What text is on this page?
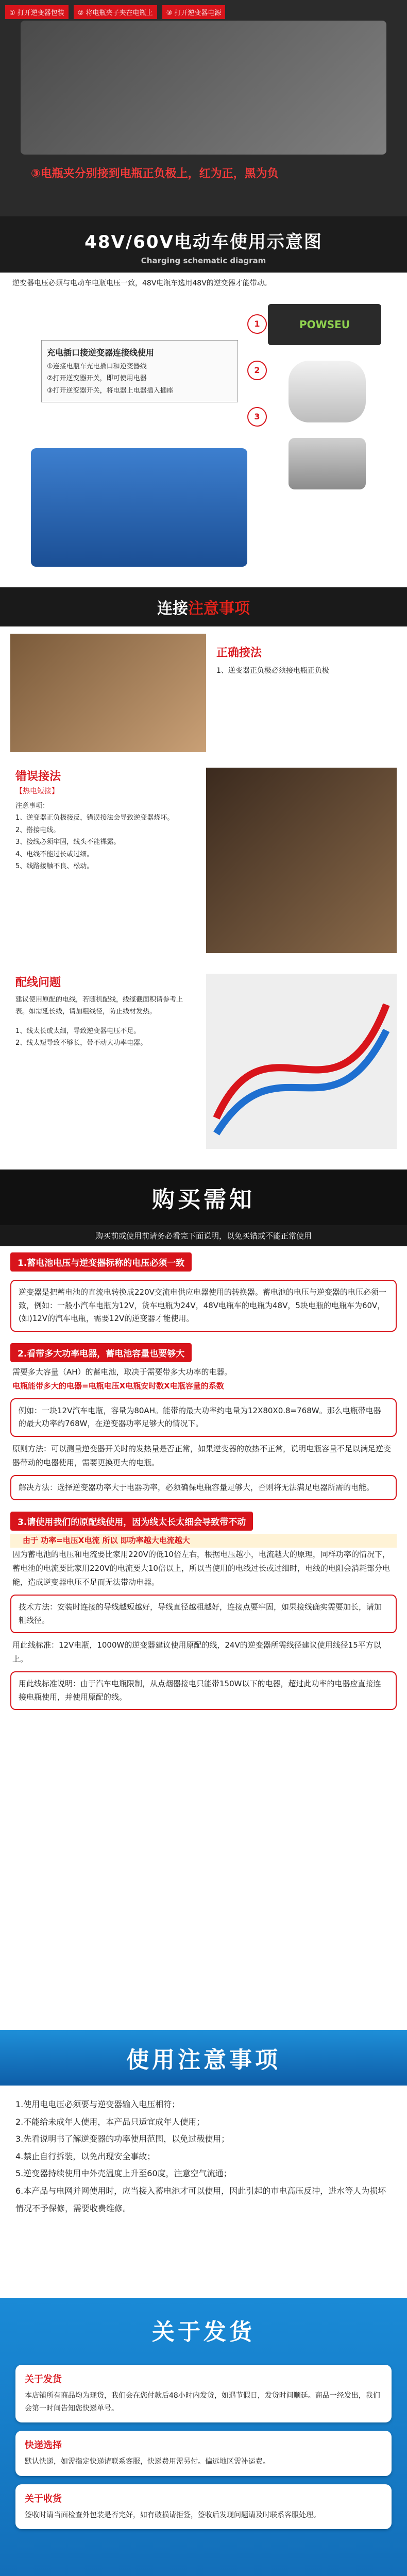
① 打开逆变器包装	② 将电瓶夹子夹在电瓶上	③ 打开逆变器电源
③电瓶夹分别接到电瓶正负极上，红为正，黑为负
48V/60V电动车使用示意图
Charging schematic diagram
逆变器电压必须与电动车电瓶电压一致，48V电瓶车选用48V的逆变器才能带动。
POWSEU
1
2
3
充电插口接逆变器连接线使用
①连接电瓶车充电插口和逆变器线
②打开逆变器开关，即可使用电器
③打开逆变器开关，将电器上电器插入插座
连接注意事项
正确接法
1、逆变器正负极必须接电瓶正负极
错误接法
【热电短接】
注意事项：
1、逆变器正负极接反，错误接法会导致逆变器烧坏。
2、搭接电线。
3、接线必须牢固，线头不能裸露。
4、电线不能过长或过细。
5、线路接触不良、松动。
配线问题
建议使用原配的电线，若随机配线，线缆截面积请参考上表。如需延长线，请加粗线径，防止线材发热。
1、线太长或太细，导致逆变器电压不足。
2、线太短导致不够长，带不动大功率电器。
购买需知
购买前或使用前请务必看完下面说明，以免买错或不能正常使用
1.蓄电池电压与逆变器标称的电压必须一致
逆变器是把蓄电池的直流电转换成220V交流电供应电器使用的转换器。蓄电池的电压与逆变器的电压必须一致，例如：一般小汽车电瓶为12V，货车电瓶为24V，48V电瓶车的电瓶为48V，5块电瓶的电瓶车为60V，(如)12V的汽车电瓶，需要12V的逆变器才能使用。
2.看带多大功率电器，蓄电池容量也要够大
需要多大容量（AH）的蓄电池，取决于需要带多大功率的电器。
电瓶能带多大的电器=电瓶电压X电瓶安时数X电瓶容量的系数
例如：一块12V汽车电瓶，容量为80AH。能带的最大功率约电量为12X80X0.8=768W。那么电瓶带电器的最大功率约768W，在逆变器功率足够大的情况下。
原则方法：可以测量逆变器开关时的发热量是否正常，如果逆变器的放热不正常，说明电瓶容量不足以满足逆变器带动的电器使用，需要更换更大的电瓶。
解决方法：选择逆变器功率大于电器功率，必须确保电瓶容量足够大，否则将无法满足电器所需的电能。
3.请使用我们的原配线使用，因为线太长太细会导致带不动
由于 功率=电压X电流 所以 即功率越大电流越大
因为蓄电池的电压和电流要比家用220V的低10倍左右，根据电压越小，电流越大的原理，同样功率的情况下，蓄电池的电流要比家用220V的电流要大10倍以上，所以当使用的电线过长或过细时，电线的电阻会消耗部分电能，造成逆变器电压不足而无法带动电器。
技术方法：安装时连接的导线越短越好，导线直径越粗越好，连接点要牢固，如果接线确实需要加长，请加粗线径。
用此线标准：12V电瓶，1000W的逆变器建议使用原配的线，24V的逆变器所需线径建议使用线径15平方以上。
用此线标准说明：由于汽车电瓶限制，从点烟器接电只能带150W以下的电器，超过此功率的电器应直接连接电瓶使用，并使用原配的线。
使用注意事项
1.使用电电压必须要与逆变器输入电压相符；
2.不能给未成年人使用，本产品只适宜成年人使用；
3.先看说明书了解逆变器的功率使用范围，以免过载使用；
4.禁止自行拆装，以免出现安全事故；
5.逆变器持续使用中外壳温度上升至60度，注意空气流通；
6.本产品与电网并网使用时，应当接入蓄电池才可以使用，因此引起的市电高压反冲，进水等人为损坏情况不予保修，需要收费维修。
关于发货
关于发货

本店铺所有商品均为现货，我们会在您付款后48小时内发货，如遇节假日，发货时间顺延。商品一经发出，我们会第一时间告知您快递单号。

快递选择

默认快递，如需指定快递请联系客服，快递费用需另付。偏远地区需补运费。

关于收货

签收时请当面检查外包装是否完好，如有破损请拒签，签收后发现问题请及时联系客服处理。
